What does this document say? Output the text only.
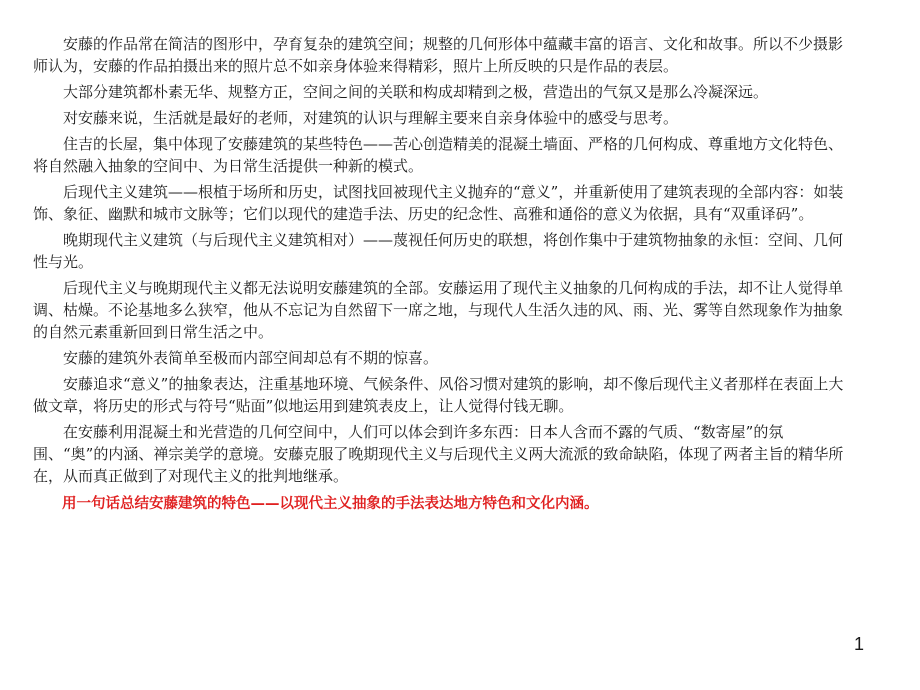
安藤的作品常在简洁的图形中，孕育复杂的建筑空间；规整的几何形体中蕴藏丰富的语言、文化和故事。所以不少摄影师认为，安藤的作品拍摄出来的照片总不如亲身体验来得精彩，照片上所反映的只是作品的表层。

大部分建筑都朴素无华、规整方正，空间之间的关联和构成却精到之极，营造出的气氛又是那么冷凝深远。

对安藤来说，生活就是最好的老师，对建筑的认识与理解主要来自亲身体验中的感受与思考。

住吉的长屋，集中体现了安藤建筑的某些特色——苦心创造精美的混凝土墙面、严格的几何构成、尊重地方文化特色、将自然融入抽象的空间中、为日常生活提供一种新的模式。

后现代主义建筑——根植于场所和历史，试图找回被现代主义抛弃的“意义”，并重新使用了建筑表现的全部内容：如装饰、象征、幽默和城市文脉等；它们以现代的建造手法、历史的纪念性、高雅和通俗的意义为依据，具有“双重译码”。

晚期现代主义建筑（与后现代主义建筑相对）——蔑视任何历史的联想，将创作集中于建筑物抽象的永恒：空间、几何性与光。

后现代主义与晚期现代主义都无法说明安藤建筑的全部。安藤运用了现代主义抽象的几何构成的手法，却不让人觉得单调、枯燥。不论基地多么狭窄，他从不忘记为自然留下一席之地，与现代人生活久违的风、雨、光、雾等自然现象作为抽象的自然元素重新回到日常生活之中。

安藤的建筑外表简单至极而内部空间却总有不期的惊喜。

安藤追求“意义”的抽象表达，注重基地环境、气候条件、风俗习惯对建筑的影响，却不像后现代主义者那样在表面上大做文章，将历史的形式与符号“贴面”似地运用到建筑表皮上，让人觉得付钱无聊。

在安藤利用混凝土和光营造的几何空间中，人们可以体会到许多东西：日本人含而不露的气质、“数寄屋”的氛围、“奥”的内涵、禅宗美学的意境。安藤克服了晚期现代主义与后现代主义两大流派的致命缺陷，体现了两者主旨的精华所在，从而真正做到了对现代主义的批判地继承。

用一句话总结安藤建筑的特色——以现代主义抽象的手法表达地方特色和文化内涵。

1
